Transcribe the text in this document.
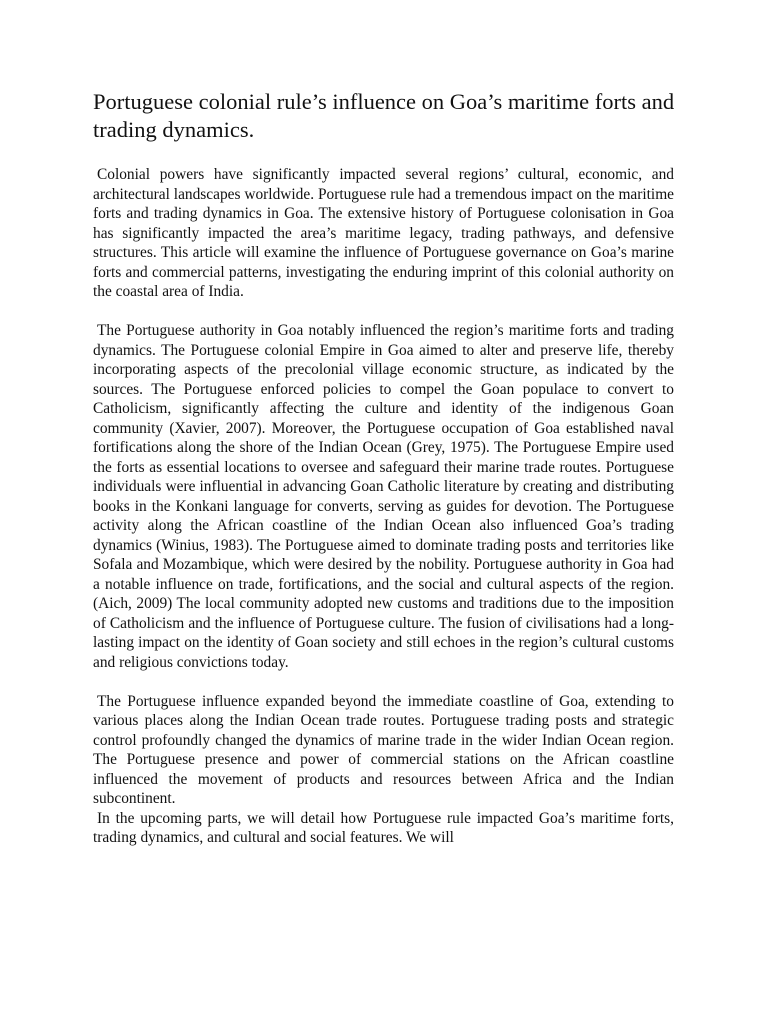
Portuguese colonial rule’s influence on Goa’s maritime forts and trading dynamics.

Colonial powers have significantly impacted several regions’ cultural, economic, and architectural landscapes worldwide. Portuguese rule had a tremendous impact on the maritime forts and trading dynamics in Goa. The extensive history of Portuguese colonisation in Goa has significantly impacted the area’s maritime legacy, trading pathways, and defensive structures. This article will examine the influence of Portuguese governance on Goa’s marine forts and commercial patterns, investigating the enduring imprint of this colonial authority on the coastal area of India.

The Portuguese authority in Goa notably influenced the region’s maritime forts and trading dynamics. The Portuguese colonial Empire in Goa aimed to alter and preserve life, thereby incorporating aspects of the precolonial village economic structure, as indicated by the sources. The Portuguese enforced policies to compel the Goan populace to convert to Catholicism, significantly affecting the culture and identity of the indigenous Goan community (Xavier, 2007). Moreover, the Portuguese occupation of Goa established naval fortifications along the shore of the Indian Ocean (Grey, 1975). The Portuguese Empire used the forts as essential locations to oversee and safeguard their marine trade routes. Portuguese individuals were influential in advancing Goan Catholic literature by creating and distributing books in the Konkani language for converts, serving as guides for devotion. The Portuguese activity along the African coastline of the Indian Ocean also influenced Goa’s trading dynamics (Winius, 1983). The Portuguese aimed to dominate trading posts and territories like Sofala and Mozambique, which were desired by the nobility. Portuguese authority in Goa had a notable influence on trade, fortifications, and the social and cultural aspects of the region. (Aich, 2009) The local community adopted new customs and traditions due to the imposition of Catholicism and the influence of Portuguese culture. The fusion of civilisations had a long-lasting impact on the identity of Goan society and still echoes in the region’s cultural customs and religious convictions today.

The Portuguese influence expanded beyond the immediate coastline of Goa, extending to various places along the Indian Ocean trade routes. Portuguese trading posts and strategic control profoundly changed the dynamics of marine trade in the wider Indian Ocean region. The Portuguese presence and power of commercial stations on the African coastline influenced the movement of products and resources between Africa and the Indian subcontinent.

In the upcoming parts, we will detail how Portuguese rule impacted Goa’s maritime forts, trading dynamics, and cultural and social features. We will
